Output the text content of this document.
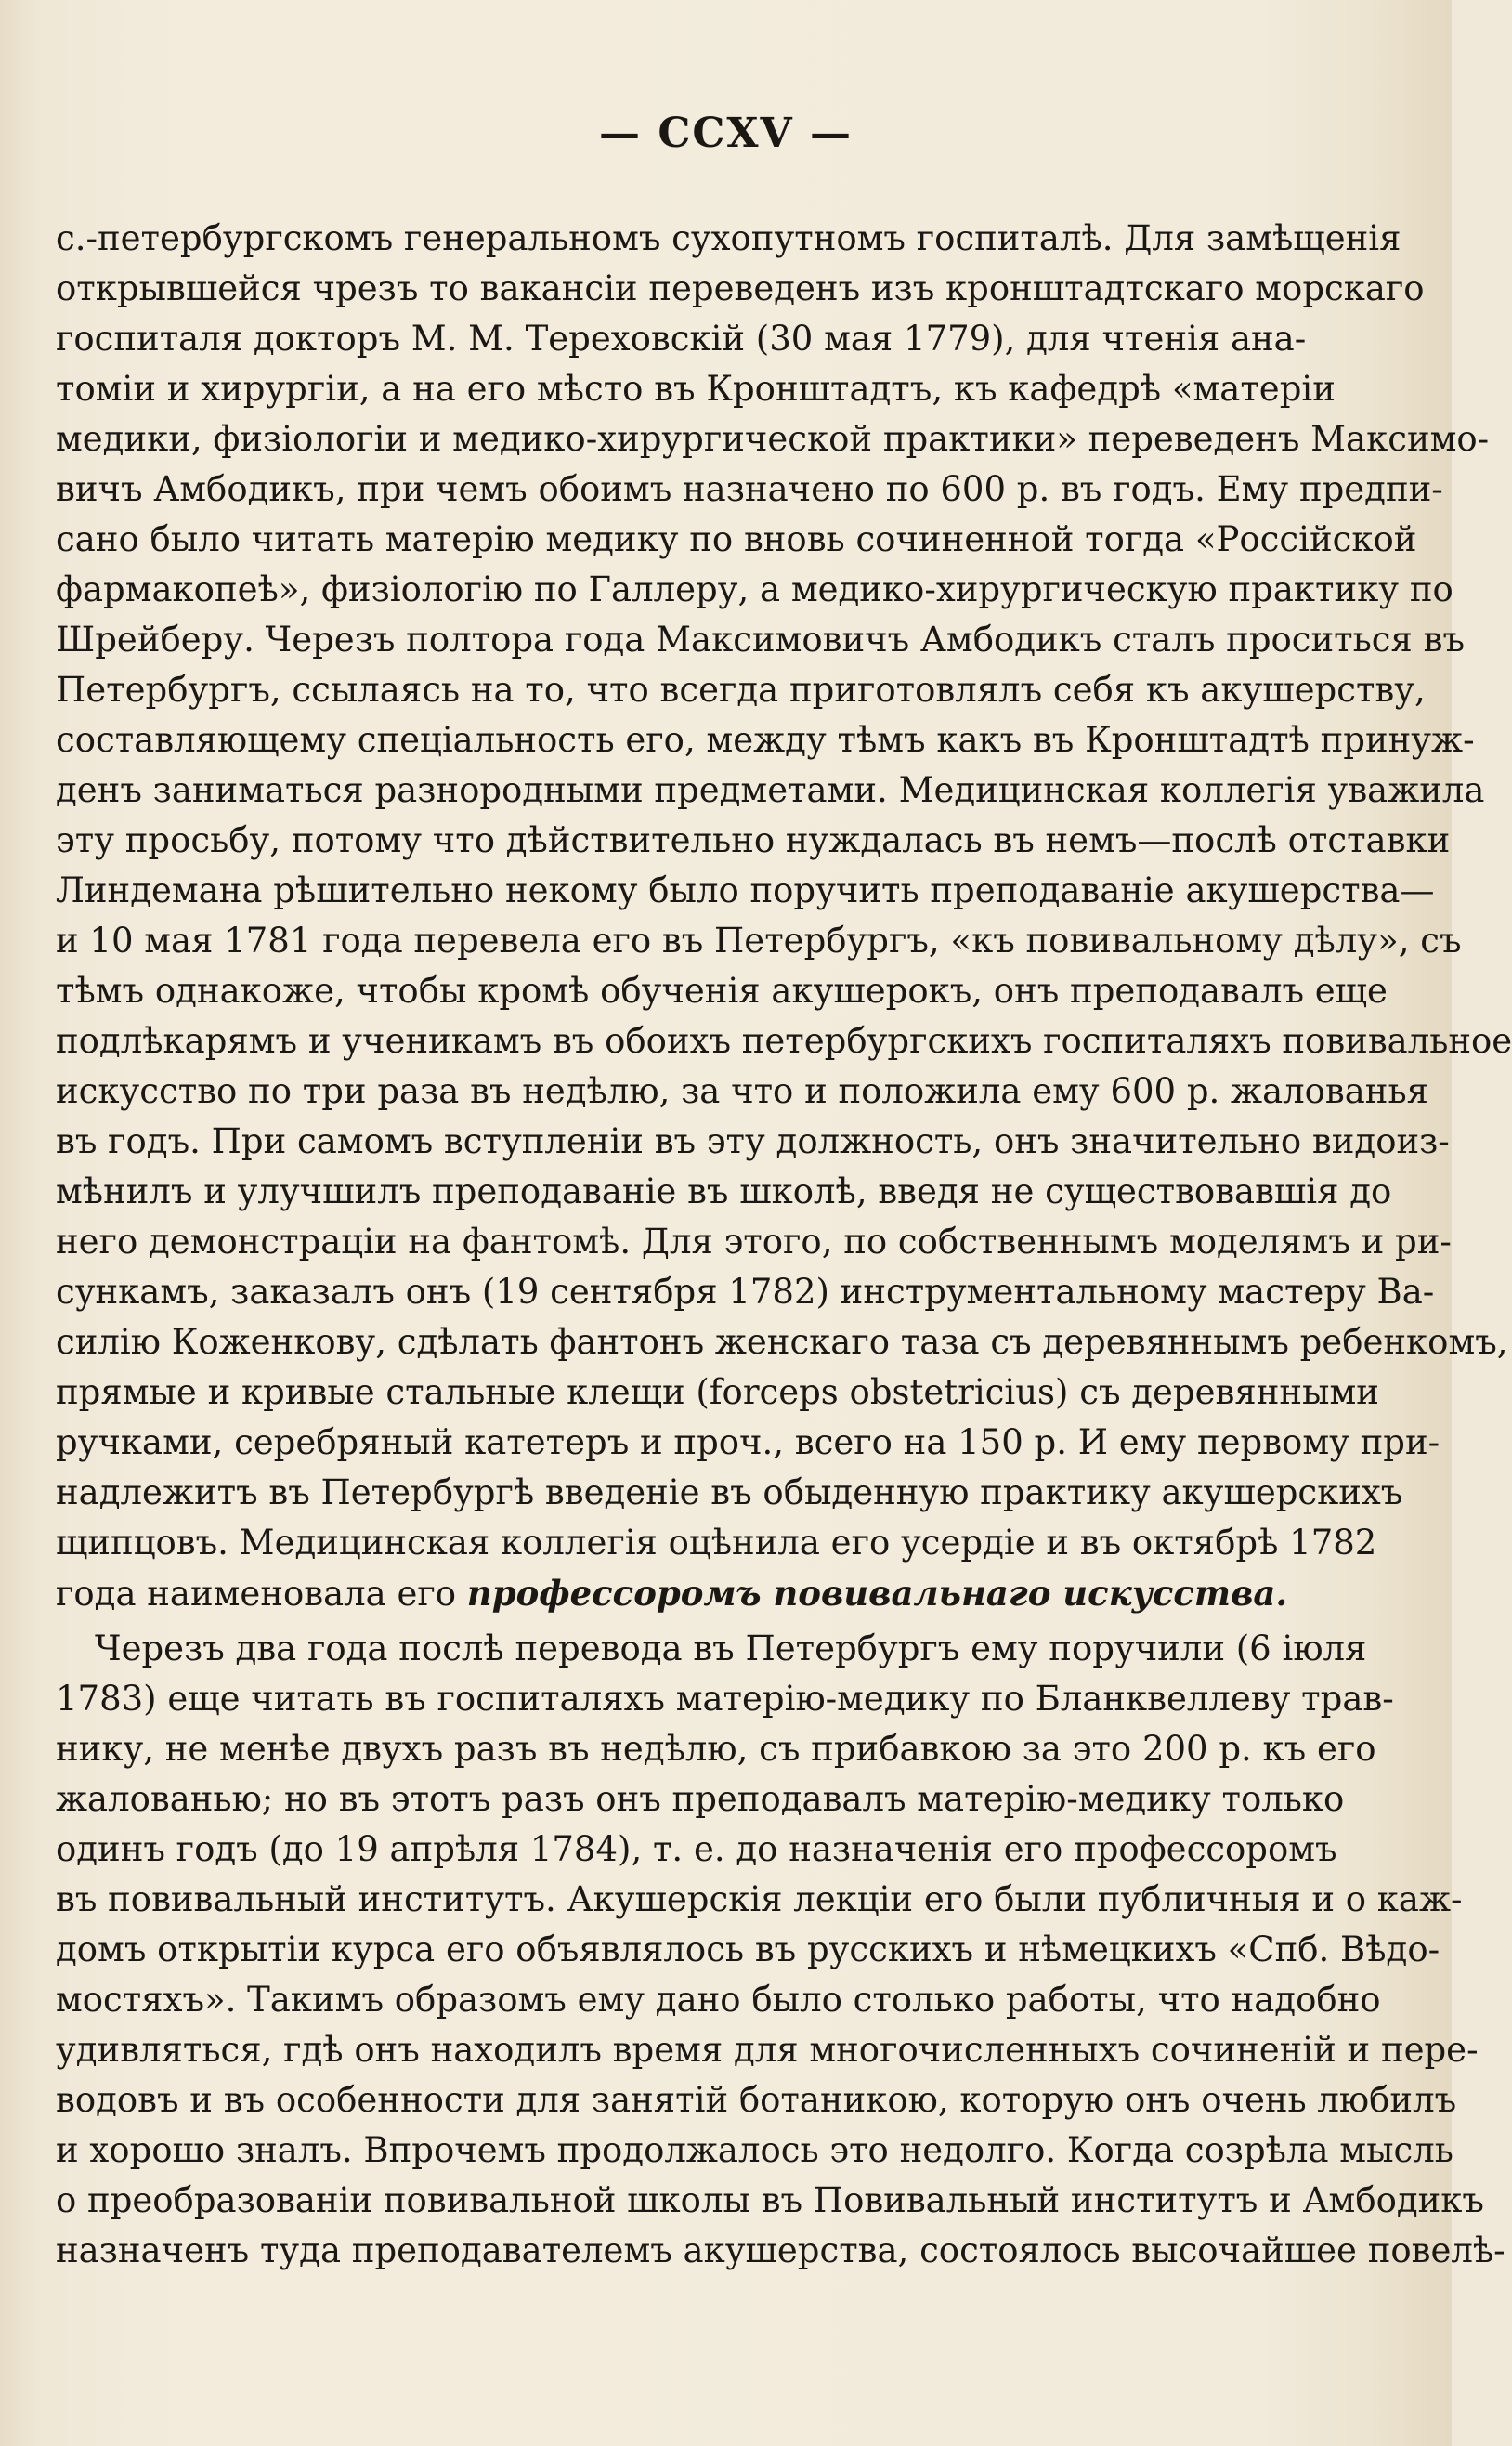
— CCXV —
с.-петербургскомъ генеральномъ сухопутномъ госпиталѣ. Для замѣщенія
открывшейся чрезъ то вакансіи переведенъ изъ кронштадтскаго морскаго
госпиталя докторъ М. М. Тереховскій (30 мая 1779), для чтенія ана-
томіи и хирургіи, а на его мѣсто въ Кронштадтъ, къ кафедрѣ «матеріи
медики, физіологіи и медико-хирургической практики» переведенъ Максимо-
вичъ Амбодикъ, при чемъ обоимъ назначено по 600 р. въ годъ. Ему предпи-
сано было читать матерію медику по вновь сочиненной тогда «Россійской
фармакопеѣ», физіологію по Галлеру, а медико-хирургическую практику по
Шрейберу. Черезъ полтора года Максимовичъ Амбодикъ сталъ проситься въ
Петербургъ, ссылаясь на то, что всегда приготовлялъ себя къ акушерству,
составляющему спеціальность его, между тѣмъ какъ въ Кронштадтѣ принуж-
денъ заниматься разнородными предметами. Медицинская коллегія уважила
эту просьбу, потому что дѣйствительно нуждалась въ немъ—послѣ отставки
Линдемана рѣшительно некому было поручить преподаваніе акушерства—
и 10 мая 1781 года перевела его въ Петербургъ, «къ повивальному дѣлу», съ
тѣмъ однакоже, чтобы кромѣ обученія акушерокъ, онъ преподавалъ еще
подлѣкарямъ и ученикамъ въ обоихъ петербургскихъ госпиталяхъ повивальное
искусство по три раза въ недѣлю, за что и положила ему 600 р. жалованья
въ годъ. При самомъ вступленіи въ эту должность, онъ значительно видоиз-
мѣнилъ и улучшилъ преподаваніе въ школѣ, введя не существовавшія до
него демонстраціи на фантомѣ. Для этого, по собственнымъ моделямъ и ри-
сункамъ, заказалъ онъ (19 сентября 1782) инструментальному мастеру Ва-
силію Коженкову, сдѣлать фантонъ женскаго таза съ деревяннымъ ребенкомъ,
прямые и кривые стальные клещи (forceps obstetricius) съ деревянными
ручками, серебряный катетеръ и проч., всего на 150 р. И ему первому при-
надлежитъ въ Петербургѣ введеніе въ обыденную практику акушерскихъ
щипцовъ. Медицинская коллегія оцѣнила его усердіе и въ октябрѣ 1782
года наименовала его профессоромъ повивальнаго искусства.
Черезъ два года послѣ перевода въ Петербургъ ему поручили (6 іюля
1783) еще читать въ госпиталяхъ матерію-медику по Бланквеллеву трав-
нику, не менѣе двухъ разъ въ недѣлю, съ прибавкою за это 200 р. къ его
жалованью; но въ этотъ разъ онъ преподавалъ матерію-медику только
одинъ годъ (до 19 апрѣля 1784), т. е. до назначенія его профессоромъ
въ повивальный институтъ. Акушерскія лекціи его были публичныя и о каж-
домъ открытіи курса его объявлялось въ русскихъ и нѣмецкихъ «Спб. Вѣдо-
мостяхъ». Такимъ образомъ ему дано было столько работы, что надобно
удивляться, гдѣ онъ находилъ время для многочисленныхъ сочиненій и пере-
водовъ и въ особенности для занятій ботаникою, которую онъ очень любилъ
и хорошо зналъ. Впрочемъ продолжалось это недолго. Когда созрѣла мысль
о преобразованіи повивальной школы въ Повивальный институтъ и Амбодикъ
назначенъ туда преподавателемъ акушерства, состоялось высочайшее повелѣ-
